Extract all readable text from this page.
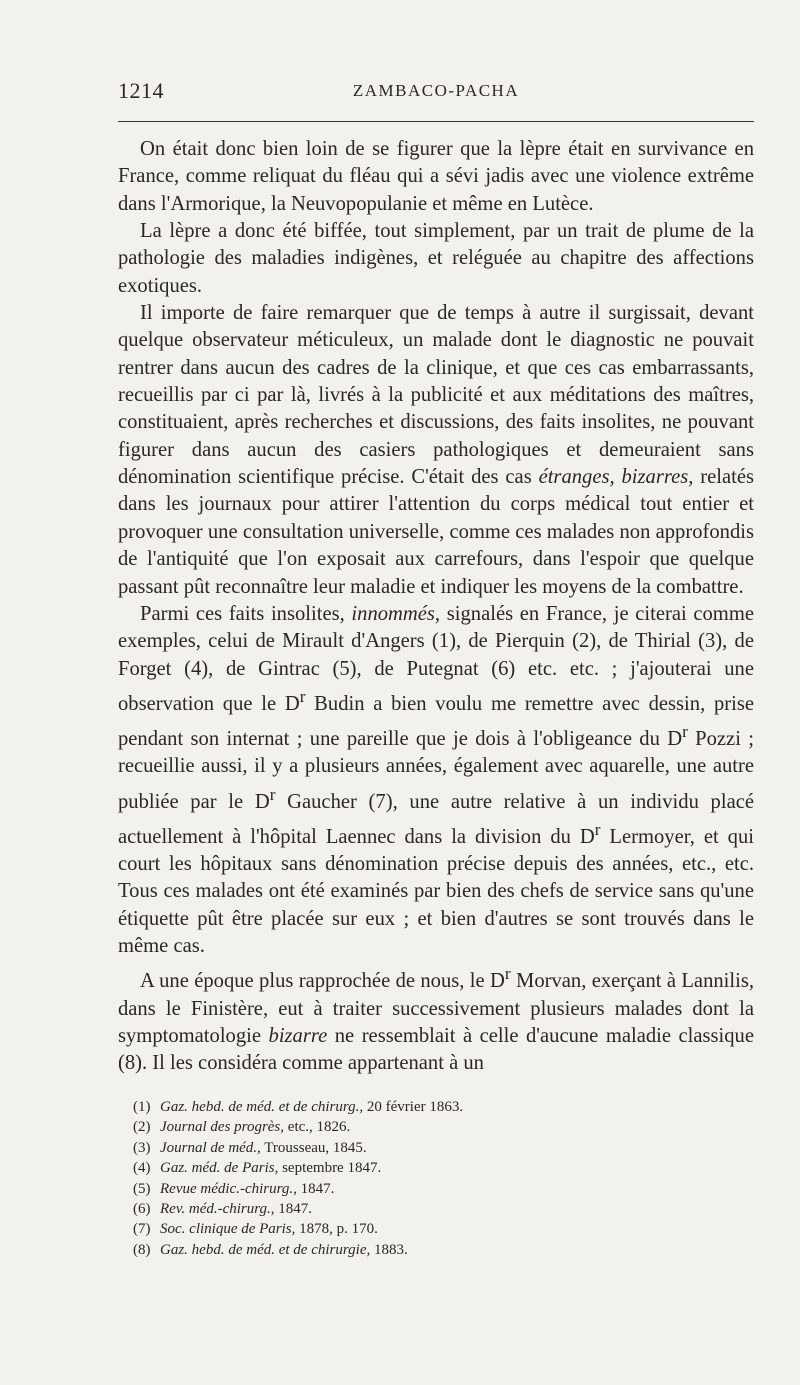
1214	ZAMBACO-PACHA

On était donc bien loin de se figurer que la lèpre était en survivance en France, comme reliquat du fléau qui a sévi jadis avec une violence extrême dans l'Armorique, la Neuvopopulanie et même en Lutèce.

La lèpre a donc été biffée, tout simplement, par un trait de plume de la pathologie des maladies indigènes, et reléguée au chapitre des affections exotiques.

Il importe de faire remarquer que de temps à autre il surgissait, devant quelque observateur méticuleux, un malade dont le diagnostic ne pouvait rentrer dans aucun des cadres de la clinique, et que ces cas embarrassants, recueillis par ci par là, livrés à la publicité et aux méditations des maîtres, constituaient, après recherches et discussions, des faits insolites, ne pouvant figurer dans aucun des casiers pathologiques et demeuraient sans dénomination scientifique précise. C'était des cas étranges, bizarres, relatés dans les journaux pour attirer l'attention du corps médical tout entier et provoquer une consultation universelle, comme ces malades non approfondis de l'antiquité que l'on exposait aux carrefours, dans l'espoir que quelque passant pût reconnaître leur maladie et indiquer les moyens de la combattre.

Parmi ces faits insolites, innommés, signalés en France, je citerai comme exemples, celui de Mirault d'Angers (1), de Pierquin (2), de Thirial (3), de Forget (4), de Gintrac (5), de Putegnat (6) etc. etc. ; j'ajouterai une observation que le $D^r$ Budin a bien voulu me remettre avec dessin, prise pendant son internat ; une pareille que je dois à l'obligeance du $D^r$ Pozzi ; recueillie aussi, il y a plusieurs années, également avec aquarelle, une autre publiée par le $D^r$ Gaucher (7), une autre relative à un individu placé actuellement à l'hôpital Laennec dans la division du $D^r$ Lermoyer, et qui court les hôpitaux sans dénomination précise depuis des années, etc., etc. Tous ces malades ont été examinés par bien des chefs de service sans qu'une étiquette pût être placée sur eux ; et bien d'autres se sont trouvés dans le même cas.

A une époque plus rapprochée de nous, le $D^r$ Morvan, exerçant à Lannilis, dans le Finistère, eut à traiter successivement plusieurs malades dont la symptomatologie bizarre ne ressemblait à celle d'aucune maladie classique (8). Il les considéra comme appartenant à un

(1) Gaz. hebd. de méd. et de chirurg., 20 février 1863.
(2) Journal des progrès, etc., 1826.
(3) Journal de méd., Trousseau, 1845.
(4) Gaz. méd. de Paris, septembre 1847.
(5) Revue médic.-chirurg., 1847.
(6) Rev. méd.-chirurg., 1847.
(7) Soc. clinique de Paris, 1878, p. 170.
(8) Gaz. hebd. de méd. et de chirurgie, 1883.
